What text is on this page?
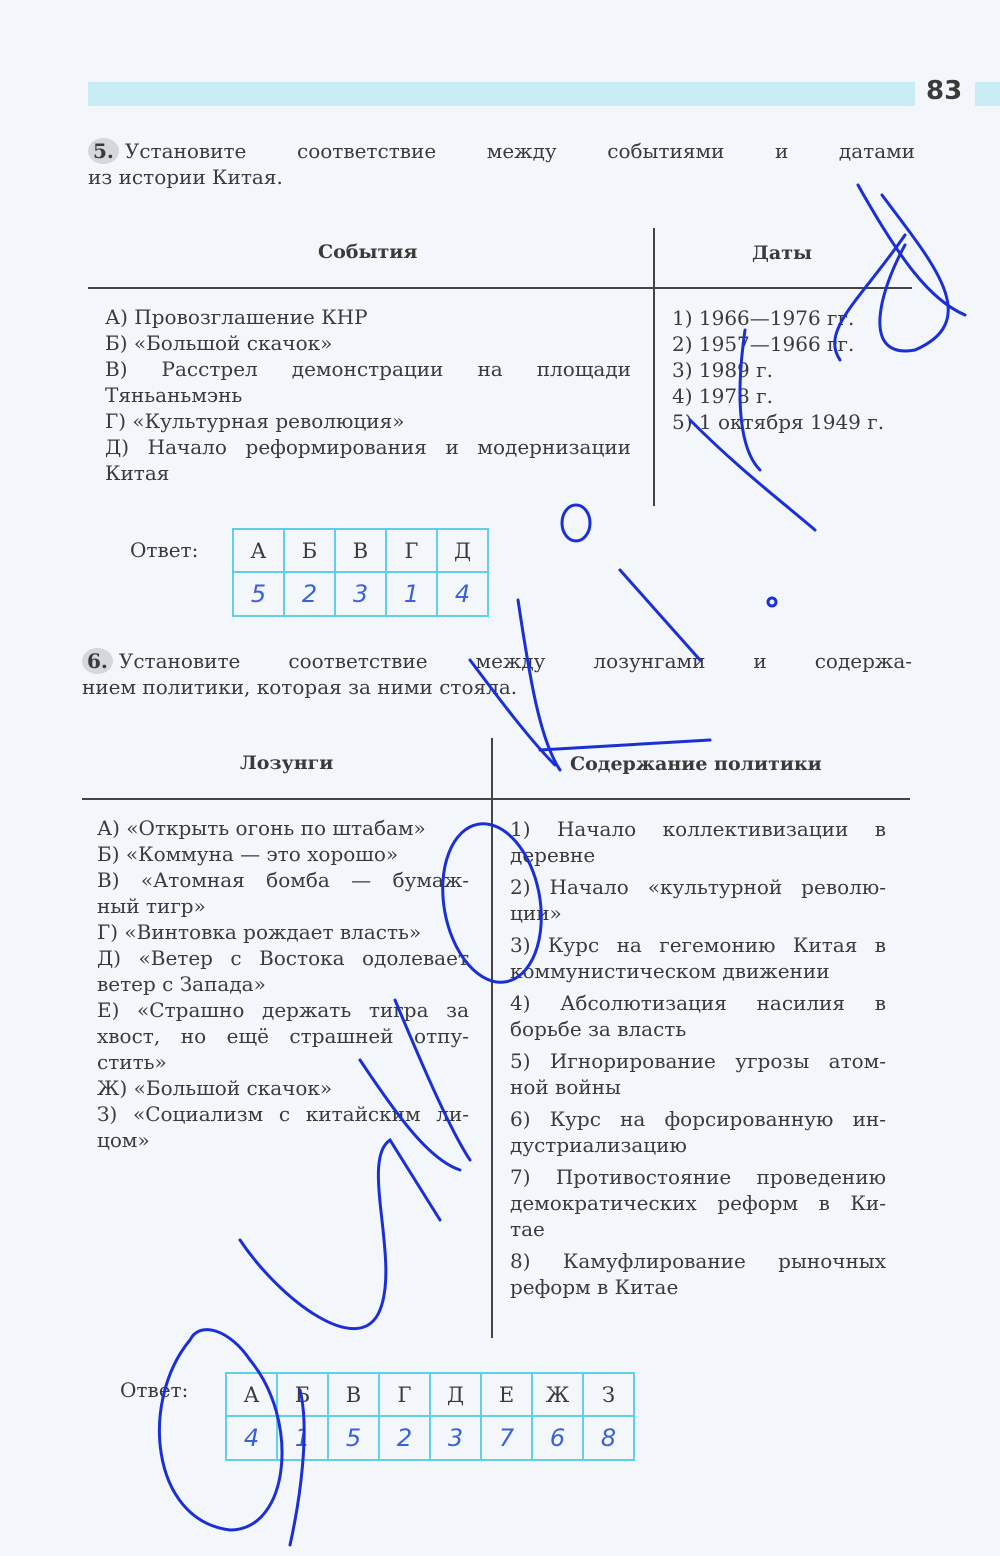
83
5. Установите соответствие между событиями и датами
из истории Китая.
События	Даты
А) Провозглашение КНР
Б) «Большой скачок»
В) Расстрел демонстрации на площади
Тяньаньмэнь
Г) «Культурная революция»
Д) Начало реформирования и модернизации
Китая
1) 1966—1976 гг.
2) 1957—1966 гг.
3) 1989 г.
4) 1978 г.
5) 1 октября 1949 г.
Ответ: А	Б	В	Г	Д
5	2	3	1	4
6. Установите соответствие между лозунгами и содержа-
нием политики, которая за ними стояла.
Лозунги	Содержание политики
А) «Открыть огонь по штабам»
Б) «Коммуна — это хорошо»
В) «Атомная бомба — бумаж-
ный тигр»
Г) «Винтовка рождает власть»
Д) «Ветер с Востока одолевает
ветер с Запада»
Е) «Страшно держать тигра за
хвост, но ещё страшней отпу-
стить»
Ж) «Большой скачок»
З) «Социализм с китайским ли-
цом»
1) Начало коллективизации в
деревне
2) Начало «культурной револю-
ции»
3) Курс на гегемонию Китая в
коммунистическом движении
4) Абсолютизация насилия в
борьбе за власть
5) Игнорирование угрозы атом-
ной войны
6) Курс на форсированную ин-
дустриализацию
7) Противостояние проведению
демократических реформ в Ки-
тае
8) Камуфлирование рыночных
реформ в Китае
Ответ:	А	Б	В	Г	Д	Е	Ж	З
4	1	5	2	3	7	6	8
